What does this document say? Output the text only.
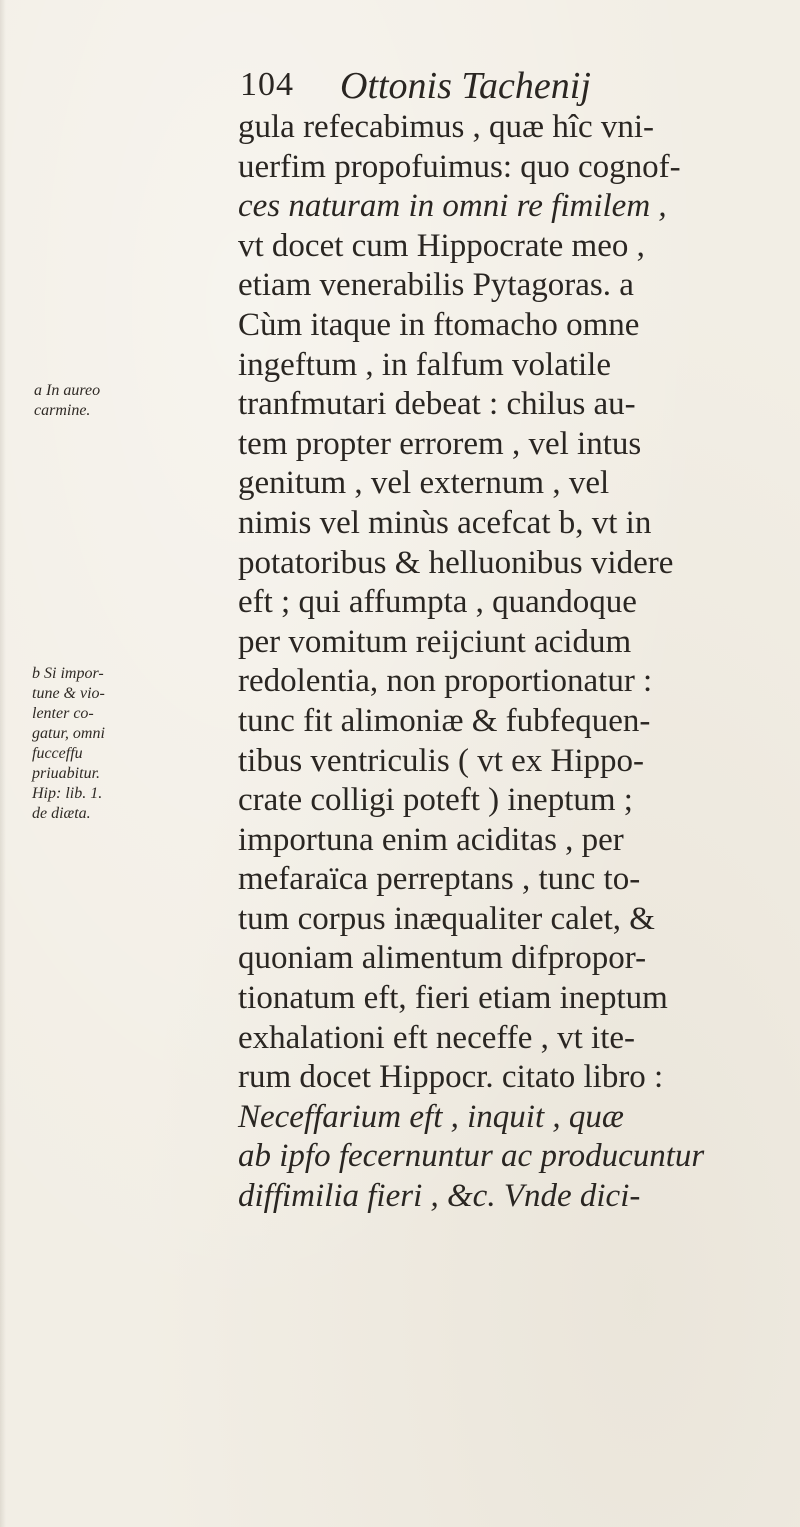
104 Ottonis Tachenij
a In aureo
carmine.
b Si impor-
tune & vio-
lenter co-
gatur, omni
fucceffu
priuabitur.
Hip: lib. 1.
de diæta.
gula refecabimus , quæ hîc vni-
uerfim propofuimus: quo cognof-
ces naturam in omni re fimilem ,
vt docet cum Hippocrate meo ,
etiam venerabilis Pytagoras. a
Cùm itaque in ftomacho omne
ingeftum , in falfum volatile
tranfmutari debeat : chilus au-
tem propter errorem , vel intus
genitum , vel externum , vel
nimis vel minùs acefcat b, vt in
potatoribus & helluonibus videre
eft ; qui affumpta , quandoque
per vomitum reijciunt acidum
redolentia, non proportionatur :
tunc fit alimoniæ & fubfequen-
tibus ventriculis ( vt ex Hippo-
crate colligi poteft ) ineptum ;
importuna enim aciditas , per
mefaraïca perreptans , tunc to-
tum corpus inæqualiter calet, &
quoniam alimentum difpropor-
tionatum eft, fieri etiam ineptum
exhalationi eft neceffe , vt ite-
rum docet Hippocr. citato libro :
Neceffarium eft , inquit , quæ
ab ipfo fecernuntur ac producuntur
diffimilia fieri , &c. Vnde dici-
